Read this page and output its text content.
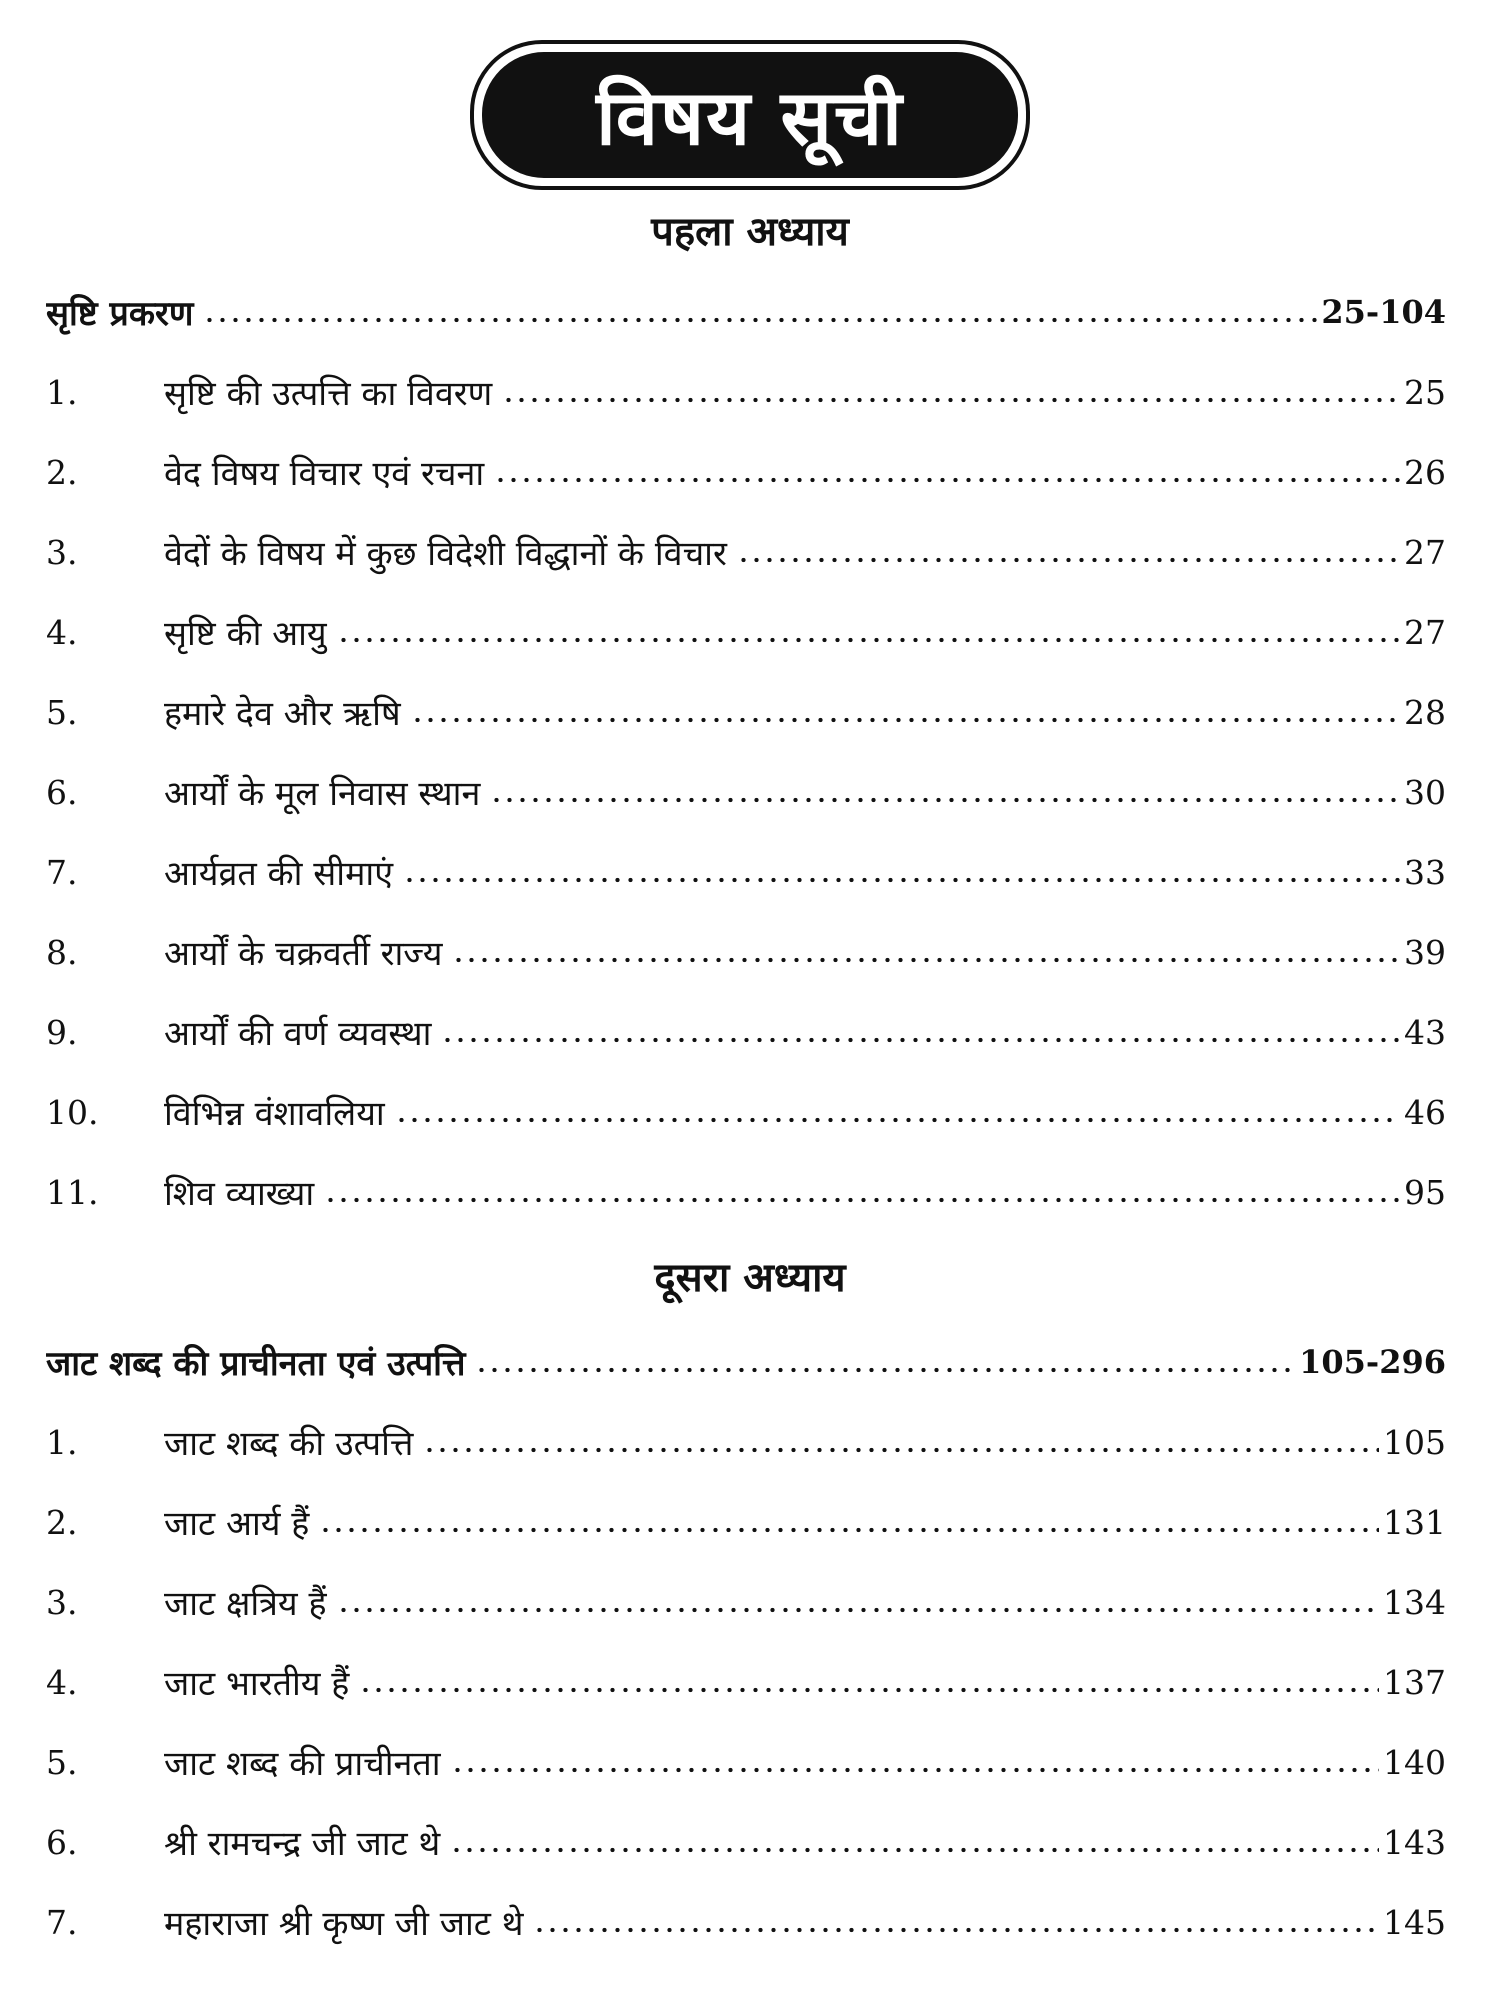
विषय सूची
पहला अध्याय
सृष्टि प्रकरण	25-104
1.	सृष्टि की उत्पत्ति का विवरण	25
2.	वेद विषय विचार एवं रचना	26
3.	वेदों के विषय में कुछ विदेशी विद्धानों के विचार	27
4.	सृष्टि की आयु	27
5.	हमारे देव और ऋषि	28
6.	आर्यों के मूल निवास स्थान	30
7.	आर्यव्रत की सीमाएं	33
8.	आर्यों के चक्रवर्ती राज्य	39
9.	आर्यों की वर्ण व्यवस्था	43
10.	विभिन्न वंशावलिया	46
11.	शिव व्याख्या	95
दूसरा अध्याय
जाट शब्द की प्राचीनता एवं उत्पत्ति	105-296
1.	जाट शब्द की उत्पत्ति	105
2.	जाट आर्य हैं	131
3.	जाट क्षत्रिय हैं	134
4.	जाट भारतीय हैं	137
5.	जाट शब्द की प्राचीनता	140
6.	श्री रामचन्द्र जी जाट थे	143
7.	महाराजा श्री कृष्ण जी जाट थे	145
